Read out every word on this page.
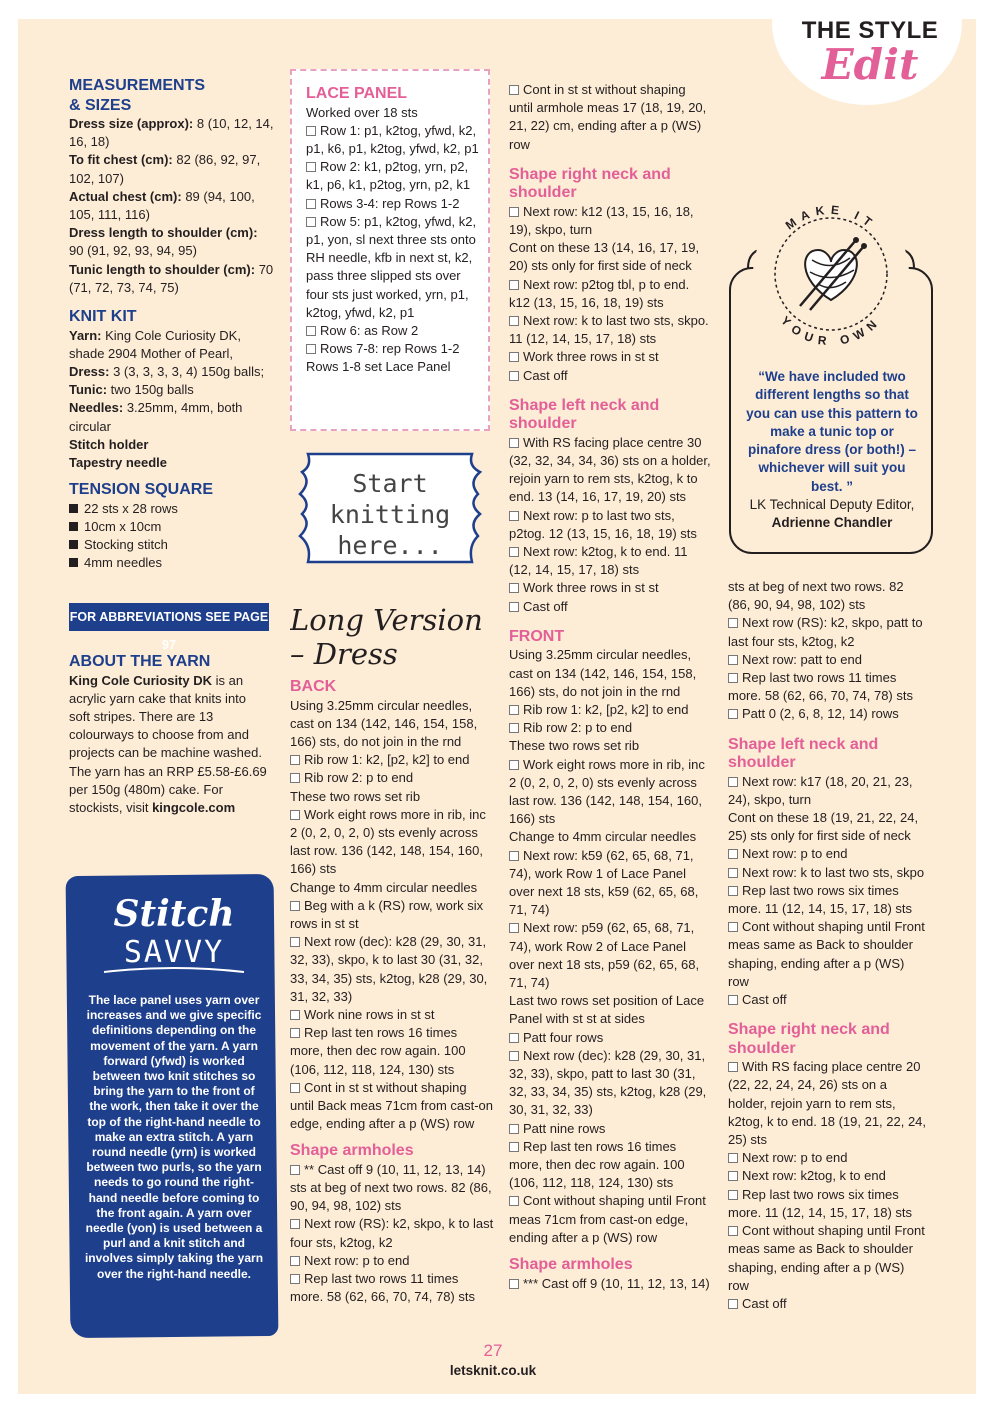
THE STYLE
Edit
MEASUREMENTS
& SIZES
Dress size (approx): 8 (10, 12, 14, 16, 18)
To fit chest (cm): 82 (86, 92, 97, 102, 107)
Actual chest (cm): 89 (94, 100, 105, 111, 116)
Dress length to shoulder (cm): 90 (91, 92, 93, 94, 95)
Tunic length to shoulder (cm): 70 (71, 72, 73, 74, 75)
KNIT KIT
Yarn: King Cole Curiosity DK, shade 2904 Mother of Pearl,
Dress: 3 (3, 3, 3, 3, 4) 150g balls;
Tunic: two 150g balls
Needles: 3.25mm, 4mm, both circular
Stitch holder
Tapestry needle
TENSION SQUARE
22 sts x 28 rows
10cm x 10cm
Stocking stitch
4mm needles
FOR ABBREVIATIONS SEE PAGE 97
ABOUT THE YARN

King Cole Curiosity DK is an acrylic yarn cake that knits into soft stripes. There are 13 colourways to choose from and projects can be machine washed. The yarn has an RRP £5.58-£6.69 per 150g (480m) cake. For stockists, visit kingcole.com

Stitch
SAVVY
The lace panel uses yarn over increases and we give specific definitions depending on the movement of the yarn. A yarn forward (yfwd) is worked between two knit stitches so bring the yarn to the front of the work, then take it over the top of the right-hand needle to make an extra stitch. A yarn round needle (yrn) is worked between two purls, so the yarn needs to go round the right-hand needle before coming to the front again. A yarn over needle (yon) is used between a purl and a knit stitch and involves simply taking the yarn over the right-hand needle.
LACE PANEL
Worked over 18 sts
Row 1: p1, k2tog, yfwd, k2, p1, k6, p1, k2tog, yfwd, k2, p1
Row 2: k1, p2tog, yrn, p2, k1, p6, k1, p2tog, yrn, p2, k1
Rows 3-4: rep Rows 1-2
Row 5: p1, k2tog, yfwd, k2, p1, yon, sl next three sts onto RH needle, kfb in next st, k2, pass three slipped sts over four sts just worked, yrn, p1, k2tog, yfwd, k2, p1
Row 6: as Row 2
Rows 7-8: rep Rows 1-2
Rows 1-8 set Lace Panel
Start
knitting
here...
Long Version
– Dress
BACK
Using 3.25mm circular needles, cast on 134 (142, 146, 154, 158, 166) sts, do not join in the rnd
Rib row 1: k2, [p2, k2] to end
Rib row 2: p to end
These two rows set rib
Work eight rows more in rib, inc 2 (0, 2, 0, 2, 0) sts evenly across last row. 136 (142, 148, 154, 160, 166) sts
Change to 4mm circular needles
Beg with a k (RS) row, work six rows in st st
Next row (dec): k28 (29, 30, 31, 32, 33), skpo, k to last 30 (31, 32, 33, 34, 35) sts, k2tog, k28 (29, 30, 31, 32, 33)
Work nine rows in st st
Rep last ten rows 16 times more, then dec row again. 100 (106, 112, 118, 124, 130) sts
Cont in st st without shaping until Back meas 71cm from cast-on edge, ending after a p (WS) row
Shape armholes
** Cast off 9 (10, 11, 12, 13, 14) sts at beg of next two rows. 82 (86, 90, 94, 98, 102) sts
Next row (RS): k2, skpo, k to last four sts, k2tog, k2
Next row: p to end
Rep last two rows 11 times more. 58 (62, 66, 70, 74, 78) sts
Cont in st st without shaping until armhole meas 17 (18, 19, 20, 21, 22) cm, ending after a p (WS) row
Shape right neck and shoulder
Next row: k12 (13, 15, 16, 18, 19), skpo, turn
Cont on these 13 (14, 16, 17, 19, 20) sts only for first side of neck
Next row: p2tog tbl, p to end. k12 (13, 15, 16, 18, 19) sts
Next row: k to last two sts, skpo. 11 (12, 14, 15, 17, 18) sts
Work three rows in st st
Cast off
Shape left neck and shoulder
With RS facing place centre 30 (32, 32, 34, 34, 36) sts on a holder, rejoin yarn to rem sts, k2tog, k to end. 13 (14, 16, 17, 19, 20) sts
Next row: p to last two sts, p2tog. 12 (13, 15, 16, 18, 19) sts
Next row: k2tog, k to end. 11 (12, 14, 15, 17, 18) sts
Work three rows in st st
Cast off
FRONT
Using 3.25mm circular needles, cast on 134 (142, 146, 154, 158, 166) sts, do not join in the rnd
Rib row 1: k2, [p2, k2] to end
Rib row 2: p to end
These two rows set rib
Work eight rows more in rib, inc 2 (0, 2, 0, 2, 0) sts evenly across last row. 136 (142, 148, 154, 160, 166) sts
Change to 4mm circular needles
Next row: k59 (62, 65, 68, 71, 74), work Row 1 of Lace Panel over next 18 sts, k59 (62, 65, 68, 71, 74)
Next row: p59 (62, 65, 68, 71, 74), work Row 2 of Lace Panel over next 18 sts, p59 (62, 65, 68, 71, 74)
Last two rows set position of Lace Panel with st st at sides
Patt four rows
Next row (dec): k28 (29, 30, 31, 32, 33), skpo, patt to last 30 (31, 32, 33, 34, 35) sts, k2tog, k28 (29, 30, 31, 32, 33)
Patt nine rows
Rep last ten rows 16 times more, then dec row again. 100 (106, 112, 118, 124, 130) sts
Cont without shaping until Front meas 71cm from cast-on edge, ending after a p (WS) row
Shape armholes
*** Cast off 9 (10, 11, 12, 13, 14)
MAKE IT
YOUR OWN
“We have included two different lengths so that you can use this pattern to make a tunic top or pinafore dress (or both!) – whichever will suit you best. ”
LK Technical Deputy Editor,
Adrienne Chandler
sts at beg of next two rows. 82 (86, 90, 94, 98, 102) sts
Next row (RS): k2, skpo, patt to last four sts, k2tog, k2
Next row: patt to end
Rep last two rows 11 times more. 58 (62, 66, 70, 74, 78) sts
Patt 0 (2, 6, 8, 12, 14) rows
Shape left neck and shoulder
Next row: k17 (18, 20, 21, 23, 24), skpo, turn
Cont on these 18 (19, 21, 22, 24, 25) sts only for first side of neck
Next row: p to end
Next row: k to last two sts, skpo
Rep last two rows six times more. 11 (12, 14, 15, 17, 18) sts
Cont without shaping until Front meas same as Back to shoulder shaping, ending after a p (WS) row
Cast off
Shape right neck and shoulder
With RS facing place centre 20 (22, 22, 24, 24, 26) sts on a holder, rejoin yarn to rem sts, k2tog, k to end. 18 (19, 21, 22, 24, 25) sts
Next row: p to end
Next row: k2tog, k to end
Rep last two rows six times more. 11 (12, 14, 15, 17, 18) sts
Cont without shaping until Front meas same as Back to shoulder shaping, ending after a p (WS) row
Cast off
27
letsknit.co.uk
